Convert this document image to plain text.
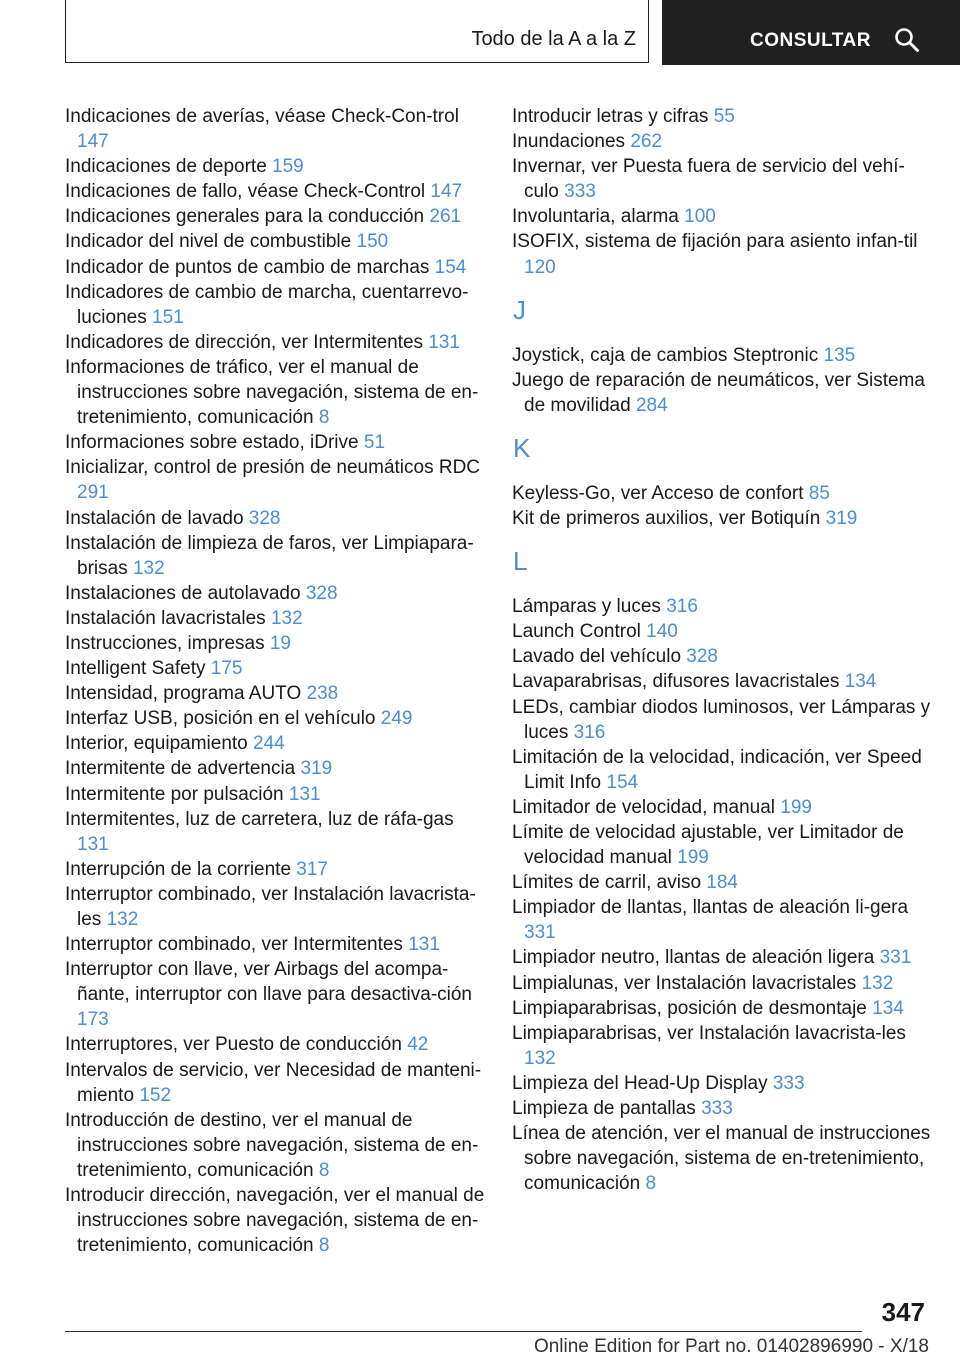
Todo de la A a la Z	CONSULTAR
Indicaciones de averías, véase Check-Con-trol 147
Indicaciones de deporte 159
Indicaciones de fallo, véase Check-Control 147
Indicaciones generales para la conducción 261
Indicador del nivel de combustible 150
Indicador de puntos de cambio de marchas 154
Indicadores de cambio de marcha, cuentarrevo-luciones 151
Indicadores de dirección, ver Intermitentes 131
Informaciones de tráfico, ver el manual de instrucciones sobre navegación, sistema de en-tretenimiento, comunicación 8
Informaciones sobre estado, iDrive 51
Inicializar, control de presión de neumáticos RDC 291
Instalación de lavado 328
Instalación de limpieza de faros, ver Limpiapara-brisas 132
Instalaciones de autolavado 328
Instalación lavacristales 132
Instrucciones, impresas 19
Intelligent Safety 175
Intensidad, programa AUTO 238
Interfaz USB, posición en el vehículo 249
Interior, equipamiento 244
Intermitente de advertencia 319
Intermitente por pulsación 131
Intermitentes, luz de carretera, luz de ráfa-gas 131
Interrupción de la corriente 317
Interruptor combinado, ver Instalación lavacrista-les 132
Interruptor combinado, ver Intermitentes 131
Interruptor con llave, ver Airbags del acompa-ñante, interruptor con llave para desactiva-ción 173
Interruptores, ver Puesto de conducción 42
Intervalos de servicio, ver Necesidad de manteni-miento 152
Introducción de destino, ver el manual de instrucciones sobre navegación, sistema de en-tretenimiento, comunicación 8
Introducir dirección, navegación, ver el manual de instrucciones sobre navegación, sistema de en-tretenimiento, comunicación 8
Introducir letras y cifras 55
Inundaciones 262
Invernar, ver Puesta fuera de servicio del vehí-culo 333
Involuntaria, alarma 100
ISOFIX, sistema de fijación para asiento infan-til 120
J
Joystick, caja de cambios Steptronic 135
Juego de reparación de neumáticos, ver Sistema de movilidad 284
K
Keyless-Go, ver Acceso de confort 85
Kit de primeros auxilios, ver Botiquín 319
L
Lámparas y luces 316
Launch Control 140
Lavado del vehículo 328
Lavaparabrisas, difusores lavacristales 134
LEDs, cambiar diodos luminosos, ver Lámparas y luces 316
Limitación de la velocidad, indicación, ver Speed Limit Info 154
Limitador de velocidad, manual 199
Límite de velocidad ajustable, ver Limitador de velocidad manual 199
Límites de carril, aviso 184
Limpiador de llantas, llantas de aleación li-gera 331
Limpiador neutro, llantas de aleación ligera 331
Limpialunas, ver Instalación lavacristales 132
Limpiaparabrisas, posición de desmontaje 134
Limpiaparabrisas, ver Instalación lavacrista-les 132
Limpieza del Head-Up Display 333
Limpieza de pantallas 333
Línea de atención, ver el manual de instrucciones sobre navegación, sistema de en-tretenimiento, comunicación 8
347
Online Edition for Part no. 01402896990 - X/18
